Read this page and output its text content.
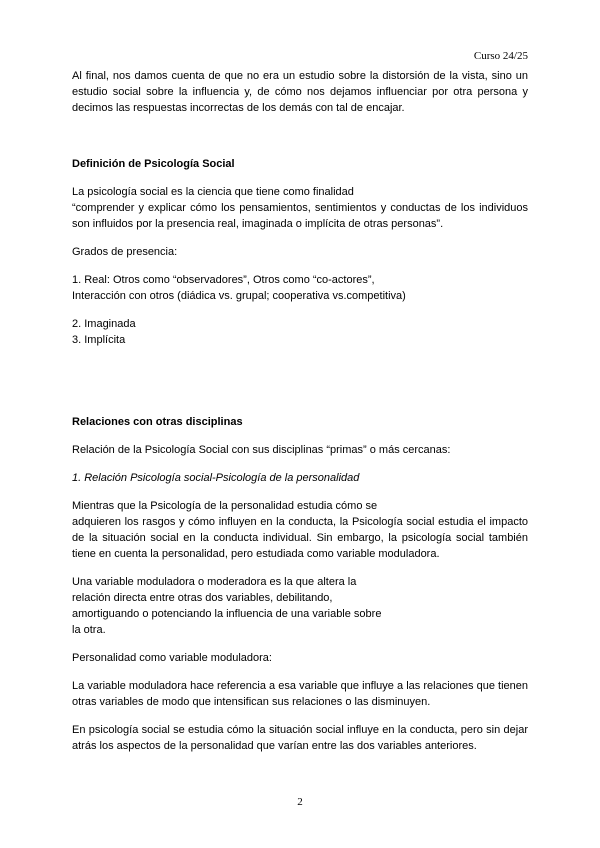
Curso 24/25

Al final, nos damos cuenta de que no era un estudio sobre la distorsión de la vista, sino un estudio social sobre la influencia y, de cómo nos dejamos influenciar por otra persona y decimos las respuestas incorrectas de los demás con tal de encajar.

Definición de Psicología Social

La psicología social es la ciencia que tiene como finalidad

“comprender y explicar cómo los pensamientos, sentimientos y conductas de los individuos son influidos por la presencia real, imaginada o implícita de otras personas”.

Grados de presencia:

1. Real: Otros como “observadores”, Otros como “co-actores”,

Interacción con otros (diádica vs. grupal; cooperativa vs.competitiva)

2. Imaginada

3. Implícita

Relaciones con otras disciplinas

Relación de la Psicología Social con sus disciplinas “primas” o más cercanas:

1. Relación Psicología social-Psicología de la personalidad

Mientras que la Psicología de la personalidad estudia cómo se

adquieren los rasgos y cómo influyen en la conducta, la Psicología social estudia el impacto de la situación social en la conducta individual. Sin embargo, la psicología social también tiene en cuenta la personalidad, pero estudiada como variable moduladora.

Una variable moduladora o moderadora es la que altera la

relación directa entre otras dos variables, debilitando,

amortiguando o potenciando la influencia de una variable sobre

la otra.

Personalidad como variable moduladora:

La variable moduladora hace referencia a esa variable que influye a las relaciones que tienen otras variables de modo que intensifican sus relaciones o las disminuyen.

En psicología social se estudia cómo la situación social influye en la conducta, pero sin dejar atrás los aspectos de la personalidad que varían entre las dos variables anteriores.

2
